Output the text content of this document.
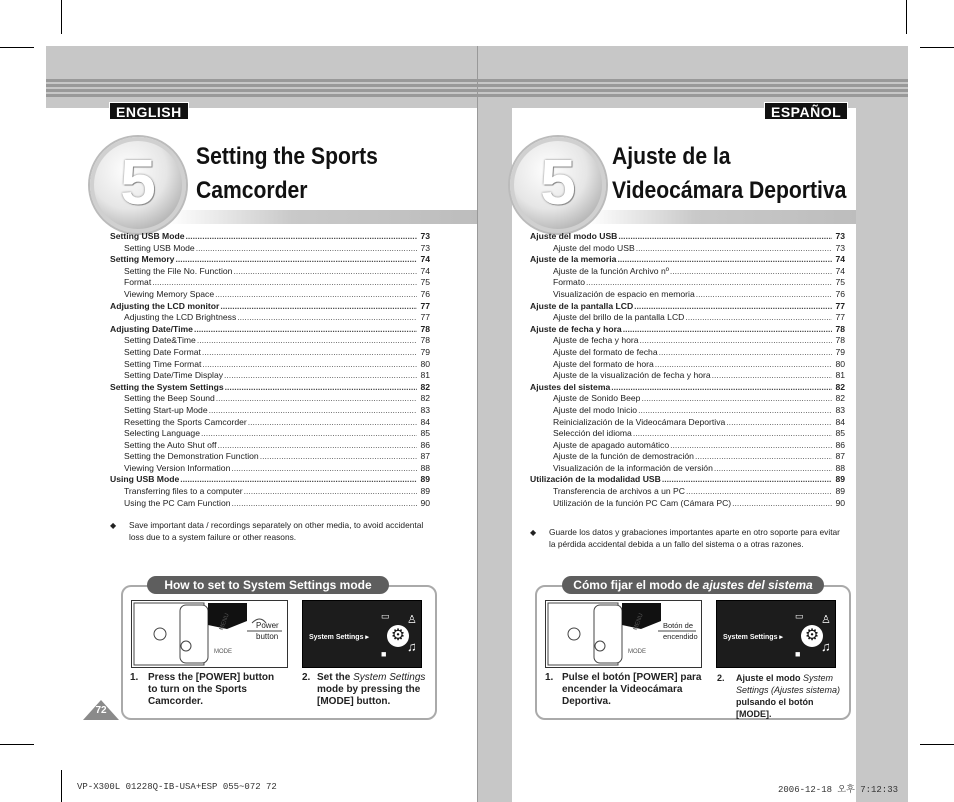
ENGLISH
5	Setting the Sports
Camcorder
Setting USB Mode .....	73
Setting USB Mode .....	73
Setting Memory .....	74
Setting the File No. Function .....	74
Format .....	75
Viewing Memory Space .....	76
Adjusting the LCD monitor .....	77
Adjusting the LCD Brightness .....	77
Adjusting Date/Time .....	78
Setting Date&Time .....	78
Setting Date Format .....	79
Setting Time Format .....	80
Setting Date/Time Display .....	81
Setting the System Settings .....	82
Setting the Beep Sound .....	82
Setting Start-up Mode .....	83
Resetting the Sports Camcorder .....	84
Selecting Language .....	85
Setting the Auto Shut off .....	86
Setting the Demonstration Function .....	87
Viewing Version Information .....	88
Using USB Mode .....	89
Transferring files to a computer .....	89
Using the PC Cam Function .....	90
◆	Save important data / recordings separately on other media, to avoid accidental loss due to a system failure or other reasons.
How to set to System Settings mode
MENU
MODE
Power
button	System Settings ▸
▭ ♙
⚙
■ ♫
1. Press the [POWER] button to turn on the Sports Camcorder.
2. Set the System Settings mode by pressing the [MODE] button.
72
ESPAÑOL
5	Ajuste de la
Videocámara Deportiva
Ajuste del modo USB .....	73
Ajuste del modo USB .....	73
Ajuste de la memoria .....	74
Ajuste de la función Archivo nº .....	74
Formato .....	75
Visualización de espacio en memoria .....	76
Ajuste de la pantalla LCD .....	77
Ajuste del brillo de la pantalla LCD .....	77
Ajuste de fecha y hora .....	78
Ajuste de fecha y hora .....	78
Ajuste del formato de fecha .....	79
Ajuste del formato de hora .....	80
Ajuste de la visualización de fecha y hora .....	81
Ajustes del sistema .....	82
Ajuste de Sonido Beep .....	82
Ajuste del modo Inicio .....	83
Reinicialización de la Videocámara Deportiva .....	84
Selección del idioma .....	85
Ajuste de apagado automático .....	86
Ajuste de la función de demostración .....	87
Visualización de la información de versión .....	88
Utilización de la modalidad USB .....	89
Transferencia de archivos a un PC .....	89
Utilización de la función PC Cam (Cámara PC) .....	90
◆	Guarde los datos y grabaciones importantes aparte en otro soporte para evitar la pérdida accidental debida a un fallo del sistema o a otras razones.
Cómo fijar el modo de ajustes del sistema
MENU
MODE
Botón de
encendido	System Settings ▸
▭ ♙
⚙
■ ♫
1. Pulse el botón [POWER] para encender la Videocámara Deportiva.
2.	Ajuste el modo System Settings (Ajustes sistema) pulsando el botón [MODE].
VP-X300L 01228Q-IB-USA+ESP 055~072 72	2006-12-18 오후 7:12:33
